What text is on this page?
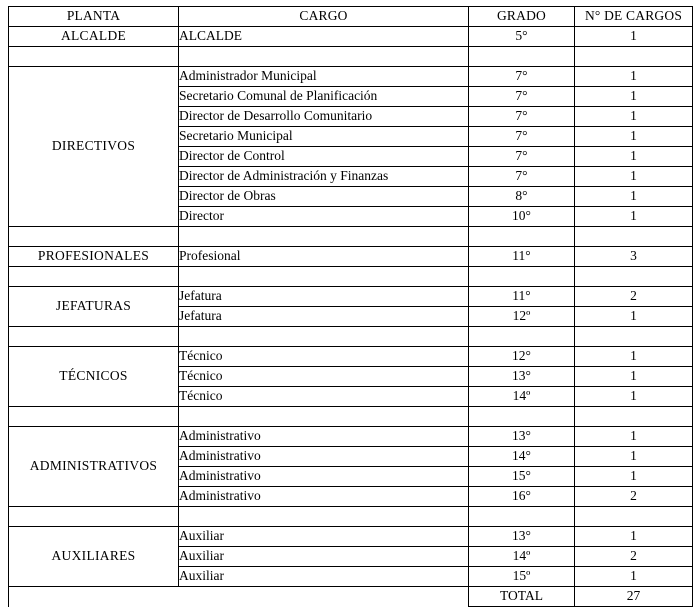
PLANTA	CARGO	GRADO	N° DE CARGOS
ALCALDE	ALCALDE	5°	1

DIRECTIVOS	Administrador Municipal	7°	1
	Secretario Comunal de Planificación	7°	1
	Director de Desarrollo Comunitario	7°	1
	Secretario Municipal	7°	1
	Director de Control	7°	1
	Director de Administración y Finanzas	7°	1
	Director de Obras	8°	1
	Director	10°	1

PROFESIONALES	Profesional	11°	3

JEFATURAS	Jefatura	11°	2
	Jefatura	12º	1

TÉCNICOS	Técnico	12°	1
	Técnico	13°	1
	Técnico	14º	1

ADMINISTRATIVOS	Administrativo	13°	1
	Administrativo	14°	1
	Administrativo	15°	1
	Administrativo	16°	2

AUXILIARES	Auxiliar	13°	1
	Auxiliar	14º	2
	Auxiliar	15º	1
		TOTAL	27
